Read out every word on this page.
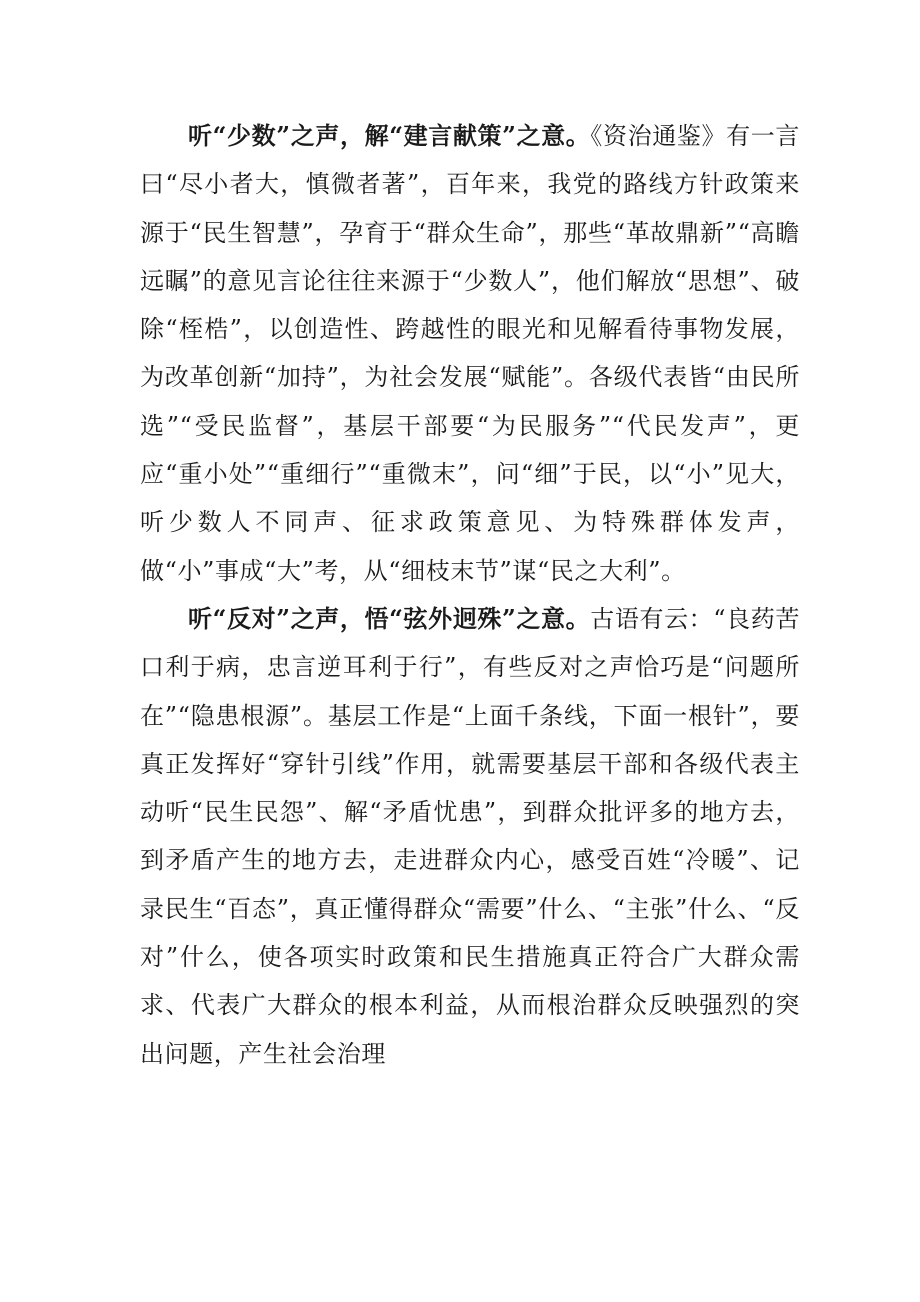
听“少数”之声，解“建言献策”之意。《资治通鉴》有一言曰“尽小者大，慎微者著”，百年来，我党的路线方针政策来源于“民生智慧”，孕育于“群众生命”，那些“革故鼎新”“高瞻远瞩”的意见言论往往来源于“少数人”，他们解放“思想”、破除“桎梏”，以创造性、跨越性的眼光和见解看待事物发展，为改革创新“加持”，为社会发展“赋能”。各级代表皆“由民所选”“受民监督”，基层干部要“为民服务”“代民发声”，更应“重小处”“重细行”“重微末”，问“细”于民，以“小”见大，听少数人不同声、征求政策意见、为特殊群体发声，做“小”事成“大”考，从“细枝末节”谋“民之大利”。

听“反对”之声，悟“弦外迥殊”之意。古语有云：“良药苦口利于病，忠言逆耳利于行”，有些反对之声恰巧是“问题所在”“隐患根源”。基层工作是“上面千条线，下面一根针”，要真正发挥好“穿针引线”作用，就需要基层干部和各级代表主动听“民生民怨”、解“矛盾忧患”，到群众批评多的地方去，到矛盾产生的地方去，走进群众内心，感受百姓“冷暖”、记录民生“百态”，真正懂得群众“需要”什么、“主张”什么、“反对”什么，使各项实时政策和民生措施真正符合广大群众需求、代表广大群众的根本利益，从而根治群众反映强烈的突出问题，产生社会治理
